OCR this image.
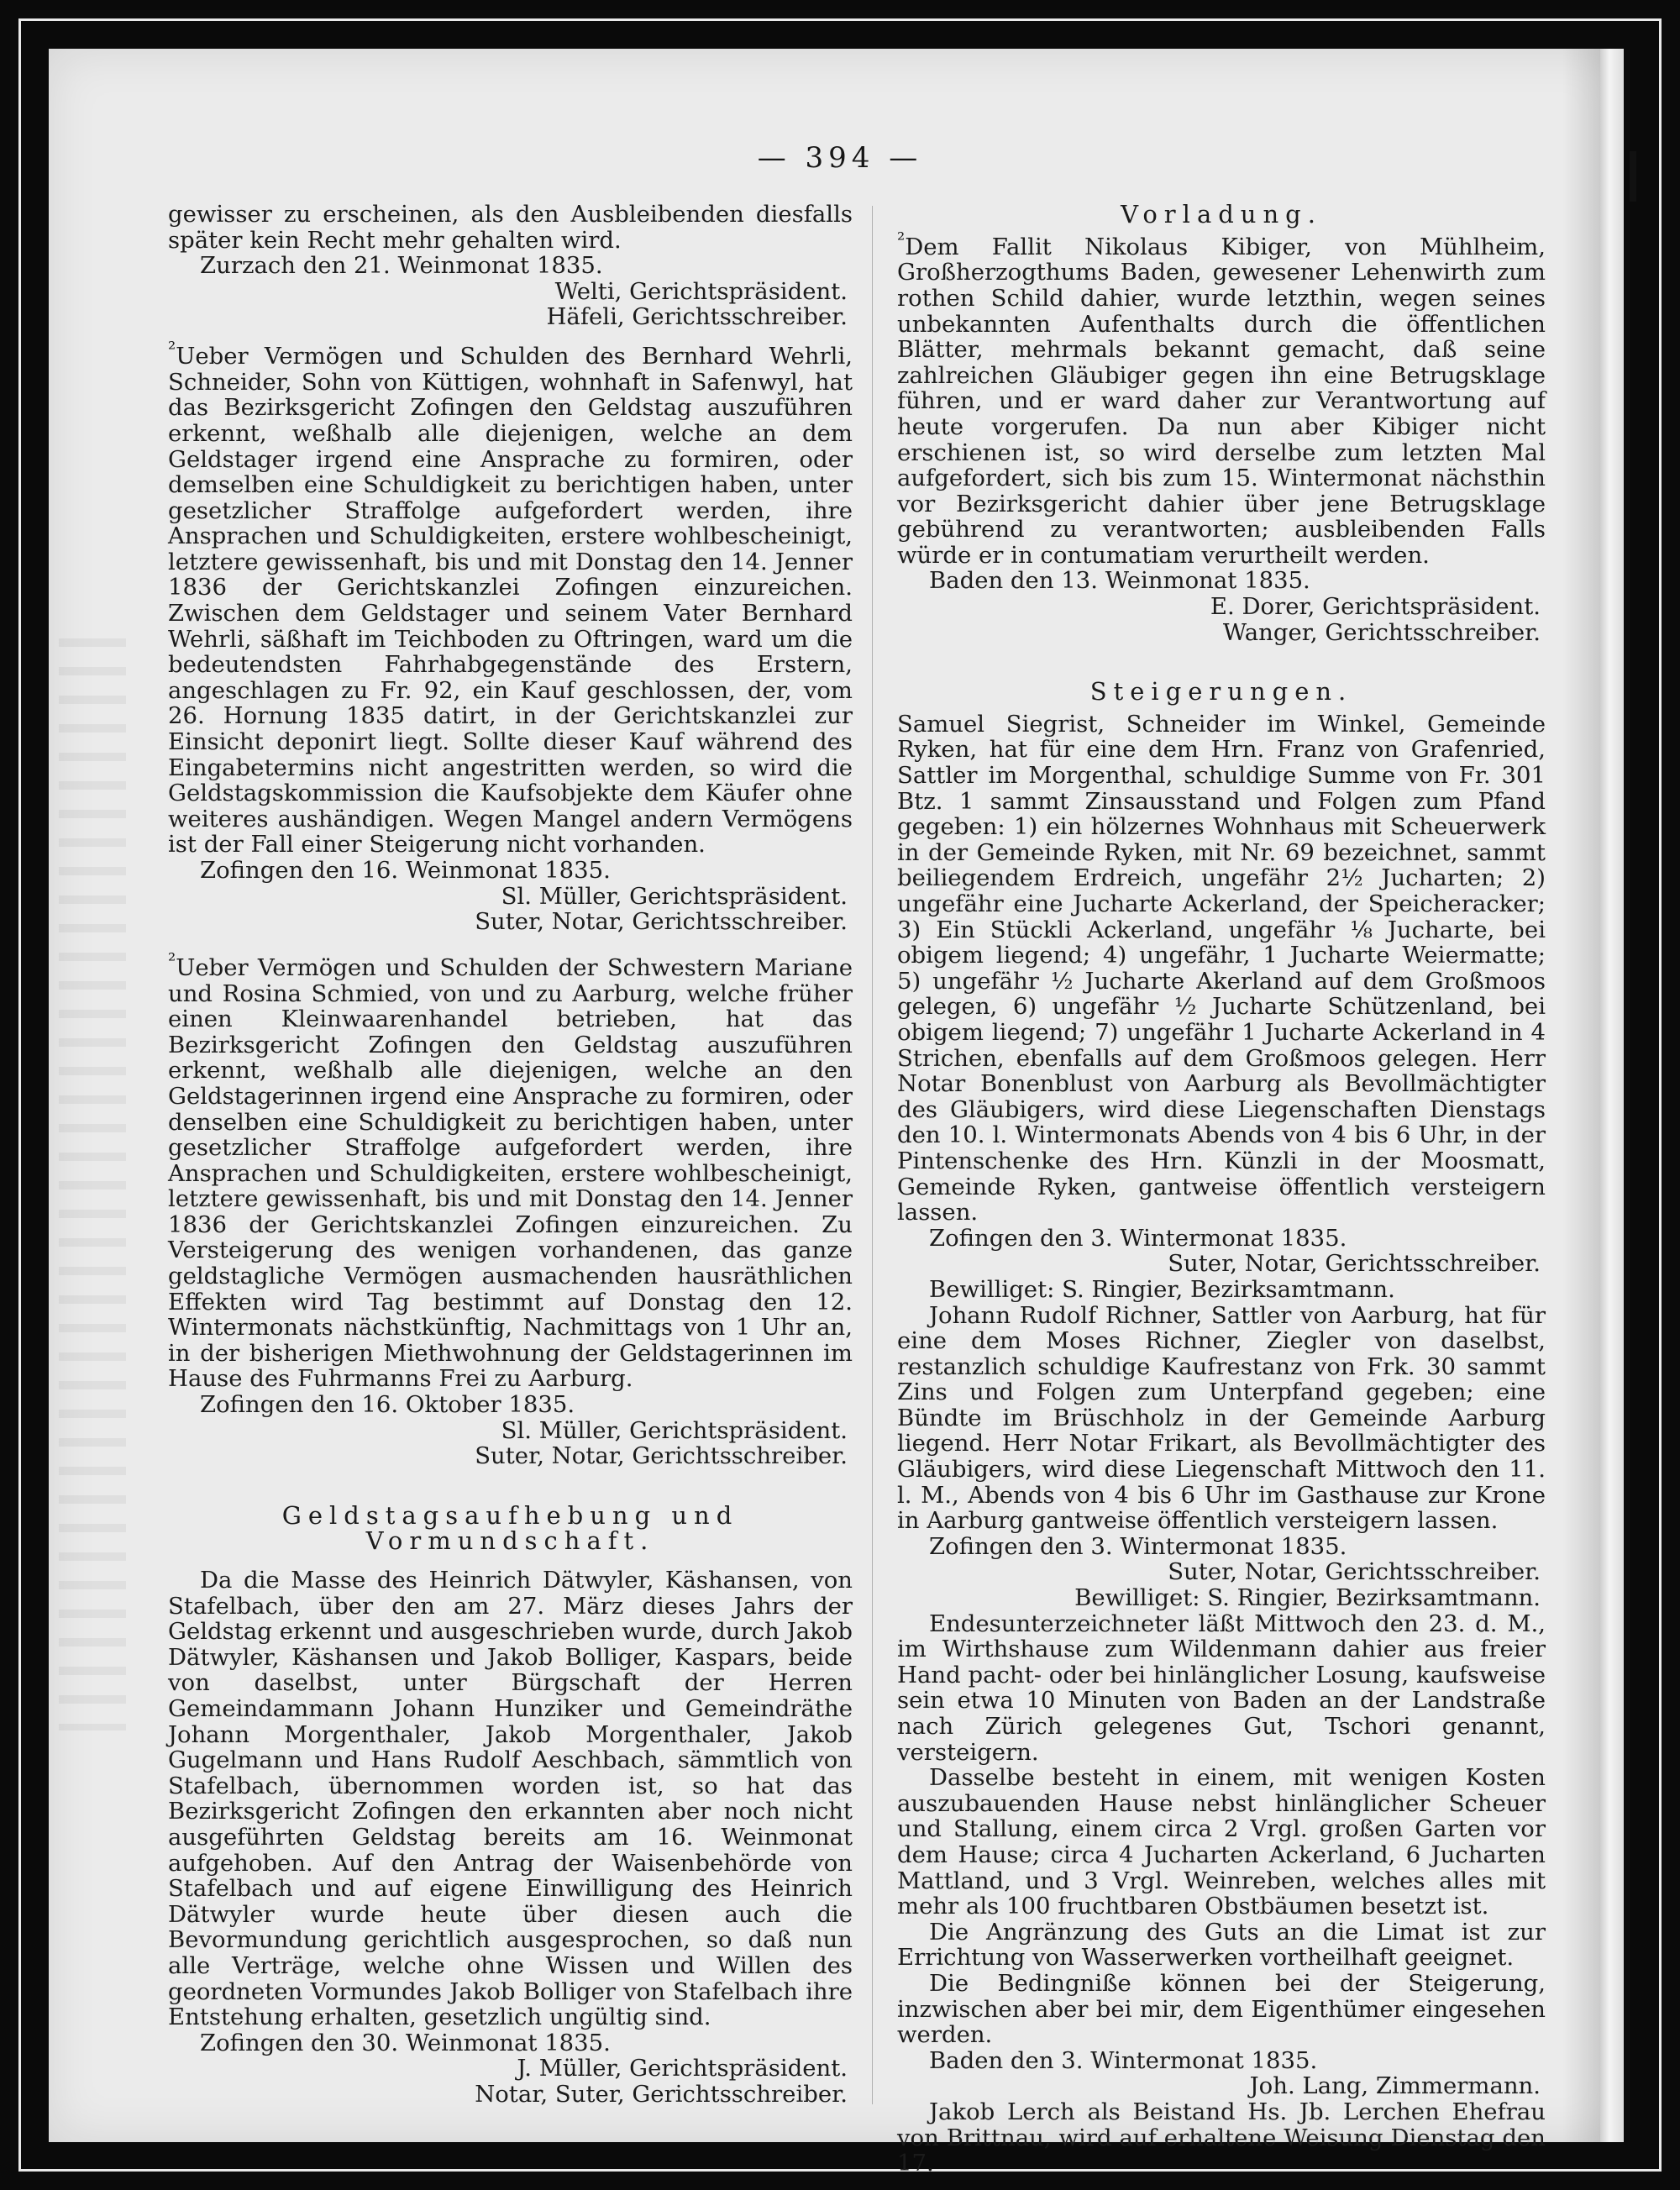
— 394 —

gewisser zu erscheinen, als den Ausbleibenden diesfalls später kein Recht mehr gehalten wird.

Zurzach den 21. Weinmonat 1835.

Welti, Gerichtspräsident.

Häfeli, Gerichtsschreiber.

$^{^2}$Ueber Vermögen und Schulden des Bernhard Wehrli, Schneider, Sohn von Küttigen, wohnhaft in Safenwyl, hat das Bezirksgericht Zofingen den Geldstag auszuführen erkennt, weßhalb alle diejenigen, welche an dem Geldstager irgend eine Ansprache zu formiren, oder demselben eine Schuldigkeit zu berichtigen haben, unter gesetzlicher Straffolge aufgefordert werden, ihre Ansprachen und Schuldigkeiten, erstere wohlbescheinigt, letztere gewissenhaft, bis und mit Donstag den 14. Jenner 1836 der Gerichtskanzlei Zofingen einzureichen. Zwischen dem Geldstager und seinem Vater Bernhard Wehrli, säßhaft im Teichboden zu Oftringen, ward um die bedeutendsten Fahrhabgegenstände des Erstern, angeschlagen zu Fr. 92, ein Kauf geschlossen, der, vom 26. Hornung 1835 datirt, in der Gerichtskanzlei zur Einsicht deponirt liegt. Sollte dieser Kauf während des Eingabetermins nicht angestritten werden, so wird die Geldstagskommission die Kaufsobjekte dem Käufer ohne weiteres aushändigen. Wegen Mangel andern Vermögens ist der Fall einer Steigerung nicht vorhanden.

Zofingen den 16. Weinmonat 1835.

Sl. Müller, Gerichtspräsident.

Suter, Notar, Gerichtsschreiber.

$^{^2}$Ueber Vermögen und Schulden der Schwestern Mariane und Rosina Schmied, von und zu Aarburg, welche früher einen Kleinwaarenhandel betrieben, hat das Bezirksgericht Zofingen den Geldstag auszuführen erkennt, weßhalb alle diejenigen, welche an den Geldstagerinnen irgend eine Ansprache zu formiren, oder denselben eine Schuldigkeit zu berichtigen haben, unter gesetzlicher Straffolge aufgefordert werden, ihre Ansprachen und Schuldigkeiten, erstere wohlbescheinigt, letztere gewissenhaft, bis und mit Donstag den 14. Jenner 1836 der Gerichtskanzlei Zofingen einzureichen. Zu Versteigerung des wenigen vorhandenen, das ganze geldstagliche Vermögen ausmachenden hausräthlichen Effekten wird Tag bestimmt auf Donstag den 12. Wintermonats nächstkünftig, Nachmittags von 1 Uhr an, in der bisherigen Miethwohnung der Geldstagerinnen im Hause des Fuhrmanns Frei zu Aarburg.

Zofingen den 16. Oktober 1835.

Sl. Müller, Gerichtspräsident.

Suter, Notar, Gerichtsschreiber.

Geldstagsaufhebung und Vormundschaft.

Da die Masse des Heinrich Dätwyler, Käshansen, von Stafelbach, über den am 27. März dieses Jahrs der Geldstag erkennt und ausgeschrieben wurde, durch Jakob Dätwyler, Käshansen und Jakob Bolliger, Kaspars, beide von daselbst, unter Bürgschaft der Herren Gemeindammann Johann Hunziker und Gemeindräthe Johann Morgenthaler, Jakob Morgenthaler, Jakob Gugelmann und Hans Rudolf Aeschbach, sämmtlich von Stafelbach, übernommen worden ist, so hat das Bezirksgericht Zofingen den erkannten aber noch nicht ausgeführten Geldstag bereits am 16. Weinmonat aufgehoben. Auf den Antrag der Waisenbehörde von Stafelbach und auf eigene Einwilligung des Heinrich Dätwyler wurde heute über diesen auch die Bevormundung gerichtlich ausgesprochen, so daß nun alle Verträge, welche ohne Wissen und Willen des geordneten Vormundes Jakob Bolliger von Stafelbach ihre Entstehung erhalten, gesetzlich ungültig sind.

Zofingen den 30. Weinmonat 1835.

J. Müller, Gerichtspräsident.

Notar, Suter, Gerichtsschreiber.

Vorladung.

$^{^2}$Dem Fallit Nikolaus Kibiger, von Mühlheim, Großherzogthums Baden, gewesener Lehenwirth zum rothen Schild dahier, wurde letzthin, wegen seines unbekannten Aufenthalts durch die öffentlichen Blätter, mehrmals bekannt gemacht, daß seine zahlreichen Gläubiger gegen ihn eine Betrugsklage führen, und er ward daher zur Verantwortung auf heute vorgerufen. Da nun aber Kibiger nicht erschienen ist, so wird derselbe zum letzten Mal aufgefordert, sich bis zum 15. Wintermonat nächsthin vor Bezirksgericht dahier über jene Betrugsklage gebührend zu verantworten; ausbleibenden Falls würde er in contumatiam verurtheilt werden.

Baden den 13. Weinmonat 1835.

E. Dorer, Gerichtspräsident.

Wanger, Gerichtsschreiber.

Steigerungen.

Samuel Siegrist, Schneider im Winkel, Gemeinde Ryken, hat für eine dem Hrn. Franz von Grafenried, Sattler im Morgenthal, schuldige Summe von Fr. 301 Btz. 1 sammt Zinsausstand und Folgen zum Pfand gegeben: 1) ein hölzernes Wohnhaus mit Scheuerwerk in der Gemeinde Ryken, mit Nr. 69 bezeichnet, sammt beiliegendem Erdreich, ungefähr 2½ Jucharten; 2) ungefähr eine Jucharte Ackerland, der Speicheracker; 3) Ein Stückli Ackerland, ungefähr ⅛ Jucharte, bei obigem liegend; 4) ungefähr, 1 Jucharte Weiermatte; 5) ungefähr ½ Jucharte Akerland auf dem Großmoos gelegen, 6) ungefähr ½ Jucharte Schützenland, bei obigem liegend; 7) ungefähr 1 Jucharte Ackerland in 4 Strichen, ebenfalls auf dem Großmoos gelegen. Herr Notar Bonenblust von Aarburg als Bevollmächtigter des Gläubigers, wird diese Liegenschaften Dienstags den 10. l. Wintermonats Abends von 4 bis 6 Uhr, in der Pintenschenke des Hrn. Künzli in der Moosmatt, Gemeinde Ryken, gantweise öffentlich versteigern lassen.

Zofingen den 3. Wintermonat 1835.

Suter, Notar, Gerichtsschreiber.

Bewilliget: S. Ringier, Bezirksamtmann.

Johann Rudolf Richner, Sattler von Aarburg, hat für eine dem Moses Richner, Ziegler von daselbst, restanzlich schuldige Kaufrestanz von Frk. 30 sammt Zins und Folgen zum Unterpfand gegeben; eine Bündte im Brüschholz in der Gemeinde Aarburg liegend. Herr Notar Frikart, als Bevollmächtigter des Gläubigers, wird diese Liegenschaft Mittwoch den 11. l. M., Abends von 4 bis 6 Uhr im Gasthause zur Krone in Aarburg gantweise öffentlich versteigern lassen.

Zofingen den 3. Wintermonat 1835.

Suter, Notar, Gerichtsschreiber.

Bewilliget: S. Ringier, Bezirksamtmann.

Endesunterzeichneter läßt Mittwoch den 23. d. M., im Wirthshause zum Wildenmann dahier aus freier Hand pacht- oder bei hinlänglicher Losung, kaufsweise sein etwa 10 Minuten von Baden an der Landstraße nach Zürich gelegenes Gut, Tschori genannt, versteigern.

Dasselbe besteht in einem, mit wenigen Kosten auszubauenden Hause nebst hinlänglicher Scheuer und Stallung, einem circa 2 Vrgl. großen Garten vor dem Hause; circa 4 Jucharten Ackerland, 6 Jucharten Mattland, und 3 Vrgl. Weinreben, welches alles mit mehr als 100 fruchtbaren Obstbäumen besetzt ist.

Die Angränzung des Guts an die Limat ist zur Errichtung von Wasserwerken vortheilhaft geeignet.

Die Bedingniße können bei der Steigerung, inzwischen aber bei mir, dem Eigenthümer eingesehen werden.

Baden den 3. Wintermonat 1835.

Joh. Lang, Zimmermann.

Jakob Lerch als Beistand Hs. Jb. Lerchen Ehefrau von Brittnau, wird auf erhaltene Weisung Dienstag den 17.
